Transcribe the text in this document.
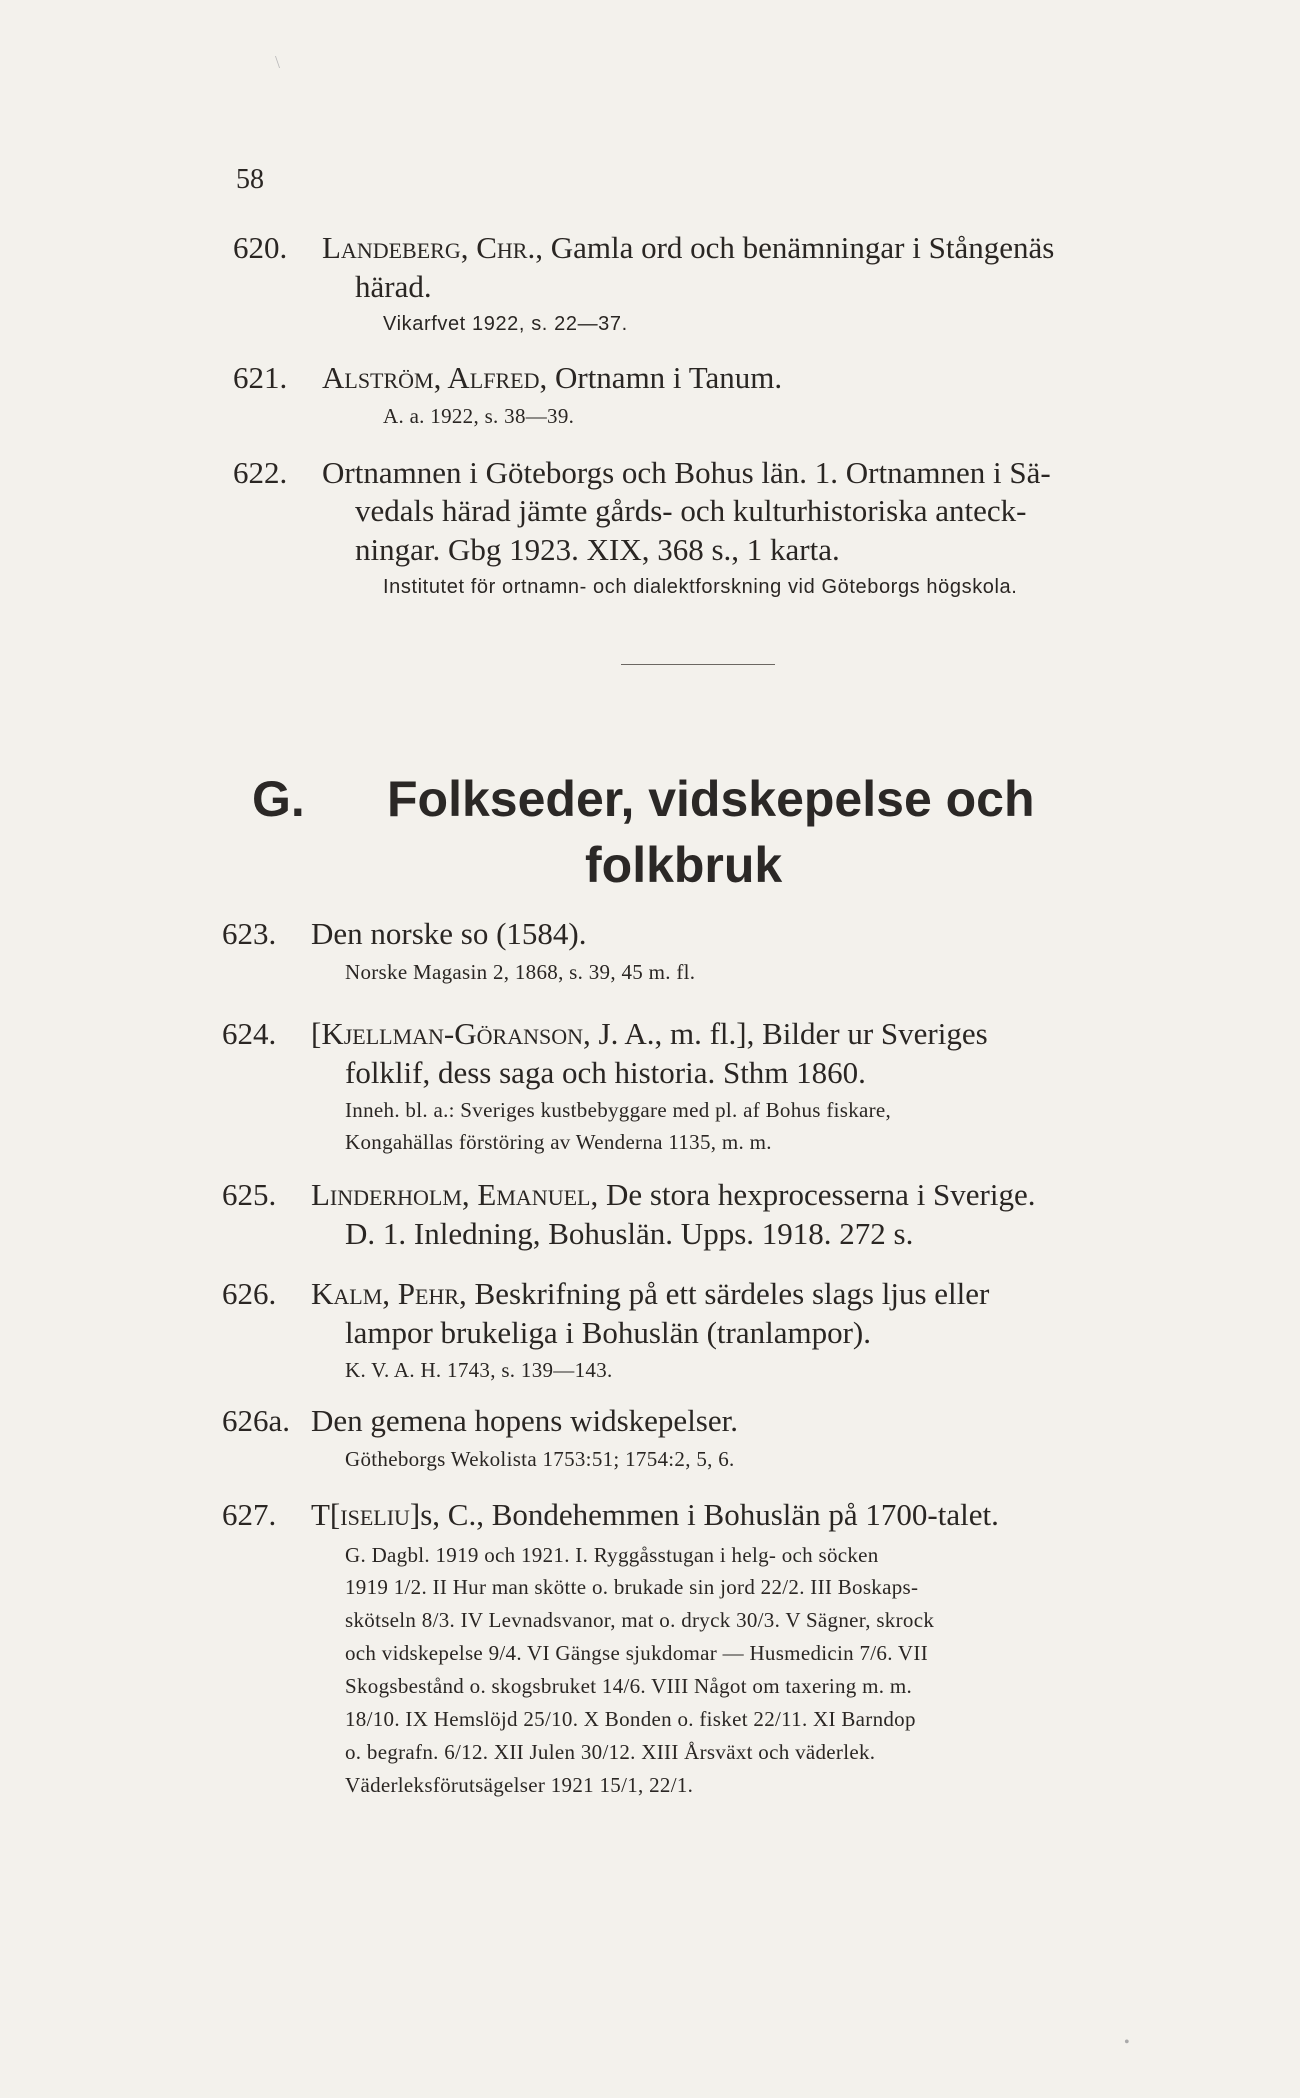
\
58
620. Landeberg, Chr., Gamla ord och benämningar i Stångenäs
härad.
Vikarfvet 1922, s. 22—37.
621. Alström, Alfred, Ortnamn i Tanum.
A. a. 1922, s. 38—39.
622. Ortnamnen i Göteborgs och Bohus län. 1. Ortnamnen i Sä-
vedals härad jämte gårds- och kulturhistoriska anteck-
ningar. Gbg 1923. XIX, 368 s., 1 karta.
Institutet för ortnamn- och dialektforskning vid Göteborgs högskola.
G. Folkseder, vidskepelse och
folkbruk
623. Den norske so (1584).
Norske Magasin 2, 1868, s. 39, 45 m. fl.
624. [Kjellman-Göranson, J. A., m. fl.], Bilder ur Sveriges
folklif, dess saga och historia. Sthm 1860.
Inneh. bl. a.: Sveriges kustbebyggare med pl. af Bohus fiskare,
Kongahällas förstöring av Wenderna 1135, m. m.
625. Linderholm, Emanuel, De stora hexprocesserna i Sverige.
D. 1. Inledning, Bohuslän. Upps. 1918. 272 s.
626. Kalm, Pehr, Beskrifning på ett särdeles slags ljus eller
lampor brukeliga i Bohuslän (tranlampor).
K. V. A. H. 1743, s. 139—143.
626a. Den gemena hopens widskepelser.
Götheborgs Wekolista 1753:51; 1754:2, 5, 6.
627. T[iseliu]s, C., Bondehemmen i Bohuslän på 1700-talet.
G. Dagbl. 1919 och 1921. I. Ryggåsstugan i helg- och söcken
1919 1/2. II Hur man skötte o. brukade sin jord 22/2. III Boskaps-
skötseln 8/3. IV Levnadsvanor, mat o. dryck 30/3. V Sägner, skrock
och vidskepelse 9/4. VI Gängse sjukdomar — Husmedicin 7/6. VII
Skogsbestånd o. skogsbruket 14/6. VIII Något om taxering m. m.
18/10. IX Hemslöjd 25/10. X Bonden o. fisket 22/11. XI Barndop
o. begrafn. 6/12. XII Julen 30/12. XIII Årsväxt och väderlek.
Väderleksförutsägelser 1921 15/1, 22/1.
•
